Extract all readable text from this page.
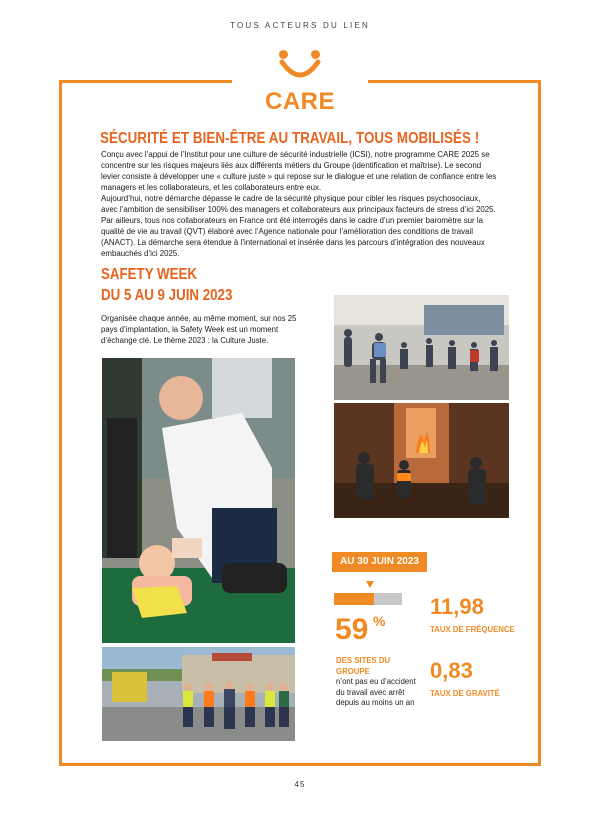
TOUS ACTEURS DU LIEN
CARE
SÉCURITÉ ET BIEN-ÊTRE AU TRAVAIL, TOUS MOBILISÉS !

Conçu avec l’appui de l’Institut pour une culture de sécurité industrielle (ICSI), notre programme CARE 2025 se concentre sur les risques majeurs liés aux différents métiers du Groupe (identification et maîtrise). Le second levier consiste à développer une « culture juste » qui repose sur le dialogue et une relation de confiance entre les managers et les collaborateurs, et les collaborateurs entre eux.

Aujourd’hui, notre démarche dépasse le cadre de la sécurité physique pour cibler les risques psychosociaux, avec l’ambition de sensibiliser 100% des managers et collaborateurs aux principaux facteurs de stress d’ici 2025. Par ailleurs, tous nos collaborateurs en France ont été interrogés dans le cadre d’un premier baromètre sur la qualité de vie au travail (QVT) élaboré avec l’Agence nationale pour l’amélioration des conditions de travail (ANACT). La démarche sera étendue à l’international et insérée dans les parcours d’intégration des nouveaux embauchés d’ici 2025.

SAFETY WEEK
DU 5 AU 9 JUIN 2023
Organisée chaque année, au même moment, sur nos 25 pays d’implantation, la Safety Week est un moment d’échange clé. Le thème 2023 : la Culture Juste.
AU 30 JUIN 2023
59 %
DES SITES DU GROUPE
n’ont pas eu d’accident du travail avec arrêt depuis au moins un an
11,98
TAUX DE FRÉQUENCE
0,83
TAUX DE GRAVITÉ
45
